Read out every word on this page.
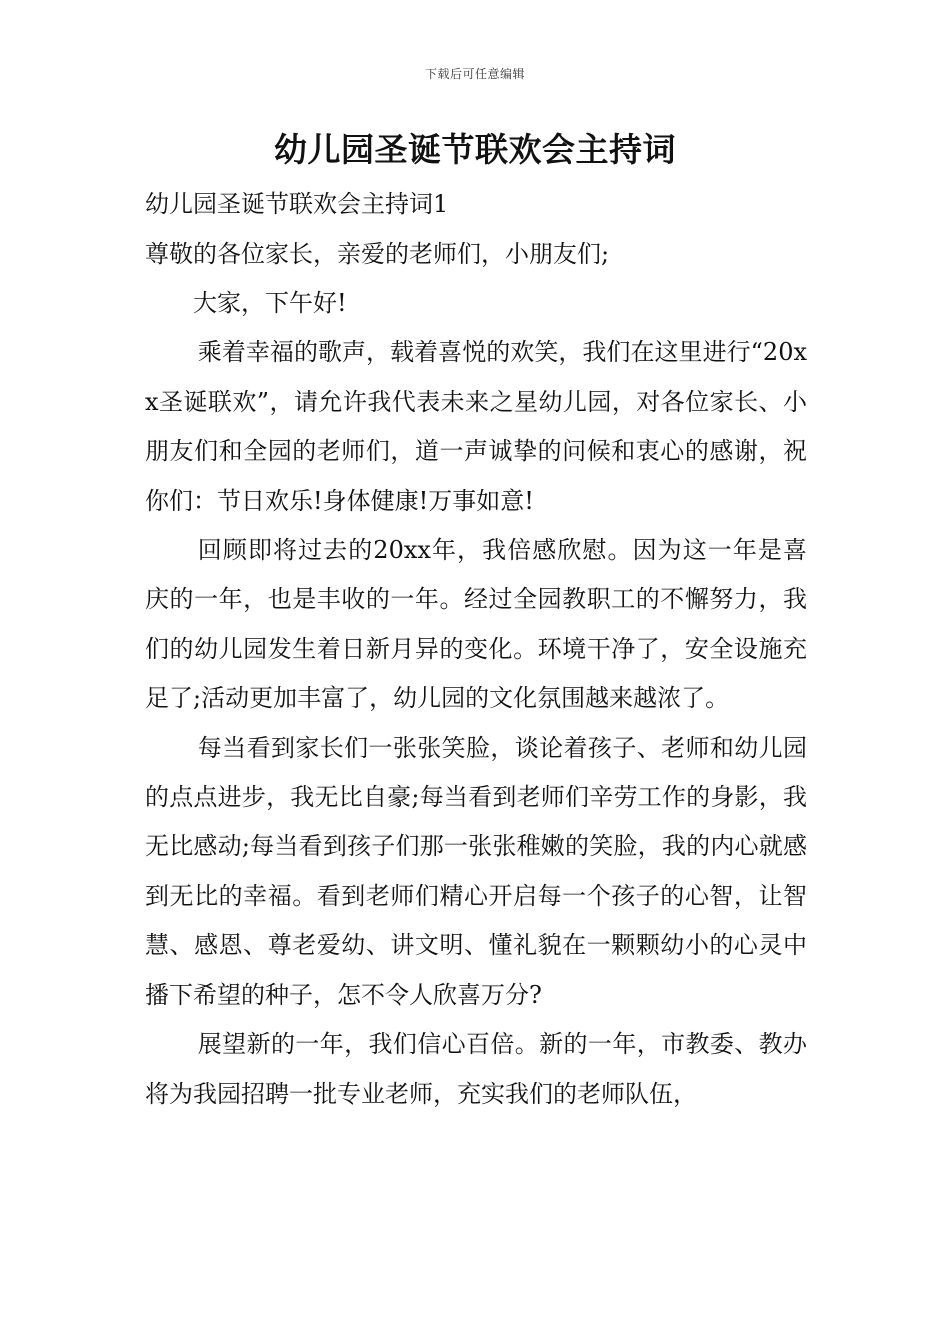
下载后可任意编辑
幼儿园圣诞节联欢会主持词

幼儿园圣诞节联欢会主持词1

尊敬的各位家长，亲爱的老师们，小朋友们;

大家，下午好!

乘着幸福的歌声，载着喜悦的欢笑，我们在这里进行“20xx圣诞联欢”，请允许我代表未来之星幼儿园，对各位家长、小朋友们和全园的老师们，道一声诚挚的问候和衷心的感谢，祝你们：节日欢乐!身体健康!万事如意!

回顾即将过去的20xx年，我倍感欣慰。因为这一年是喜庆的一年，也是丰收的一年。经过全园教职工的不懈努力，我们的幼儿园发生着日新月异的变化。环境干净了，安全设施充足了;活动更加丰富了，幼儿园的文化氛围越来越浓了。

每当看到家长们一张张笑脸，谈论着孩子、老师和幼儿园的点点进步，我无比自豪;每当看到老师们辛劳工作的身影，我无比感动;每当看到孩子们那一张张稚嫩的笑脸，我的内心就感到无比的幸福。看到老师们精心开启每一个孩子的心智，让智慧、感恩、尊老爱幼、讲文明、懂礼貌在一颗颗幼小的心灵中播下希望的种子，怎不令人欣喜万分?

展望新的一年，我们信心百倍。新的一年，市教委、教办将为我园招聘一批专业老师，充实我们的老师队伍，
